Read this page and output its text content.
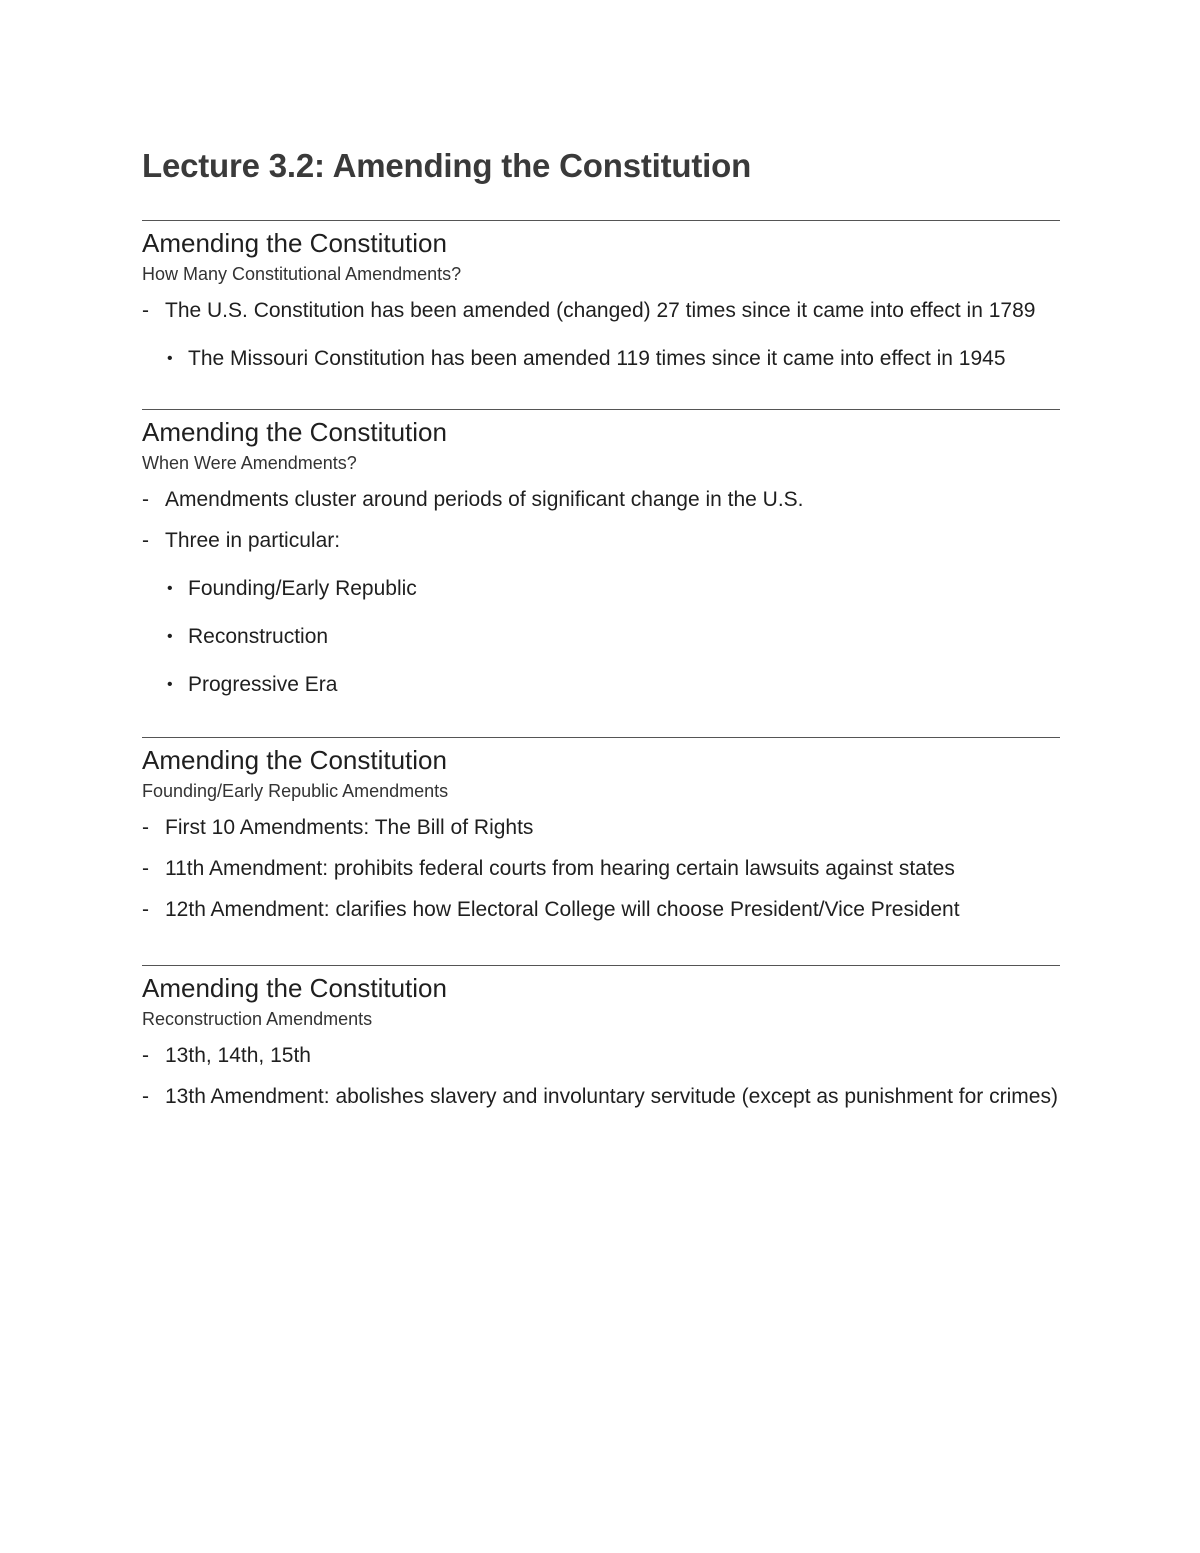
Lecture 3.2: Amending the Constitution
Amending the Constitution

How Many Constitutional Amendments?

- The U.S. Constitution has been amended (changed) 27 times since it came into effect in 1789
• The Missouri Constitution has been amended 119 times since it came into effect in 1945
Amending the Constitution

When Were Amendments?

- Amendments cluster around periods of significant change in the U.S.
- Three in particular:
• Founding/Early Republic
• Reconstruction
• Progressive Era
Amending the Constitution

Founding/Early Republic Amendments

- First 10 Amendments: The Bill of Rights
- 11th Amendment: prohibits federal courts from hearing certain lawsuits against states
- 12th Amendment: clarifies how Electoral College will choose President/Vice President
Amending the Constitution

Reconstruction Amendments

- 13th, 14th, 15th
- 13th Amendment: abolishes slavery and involuntary servitude (except as punishment for crimes)
